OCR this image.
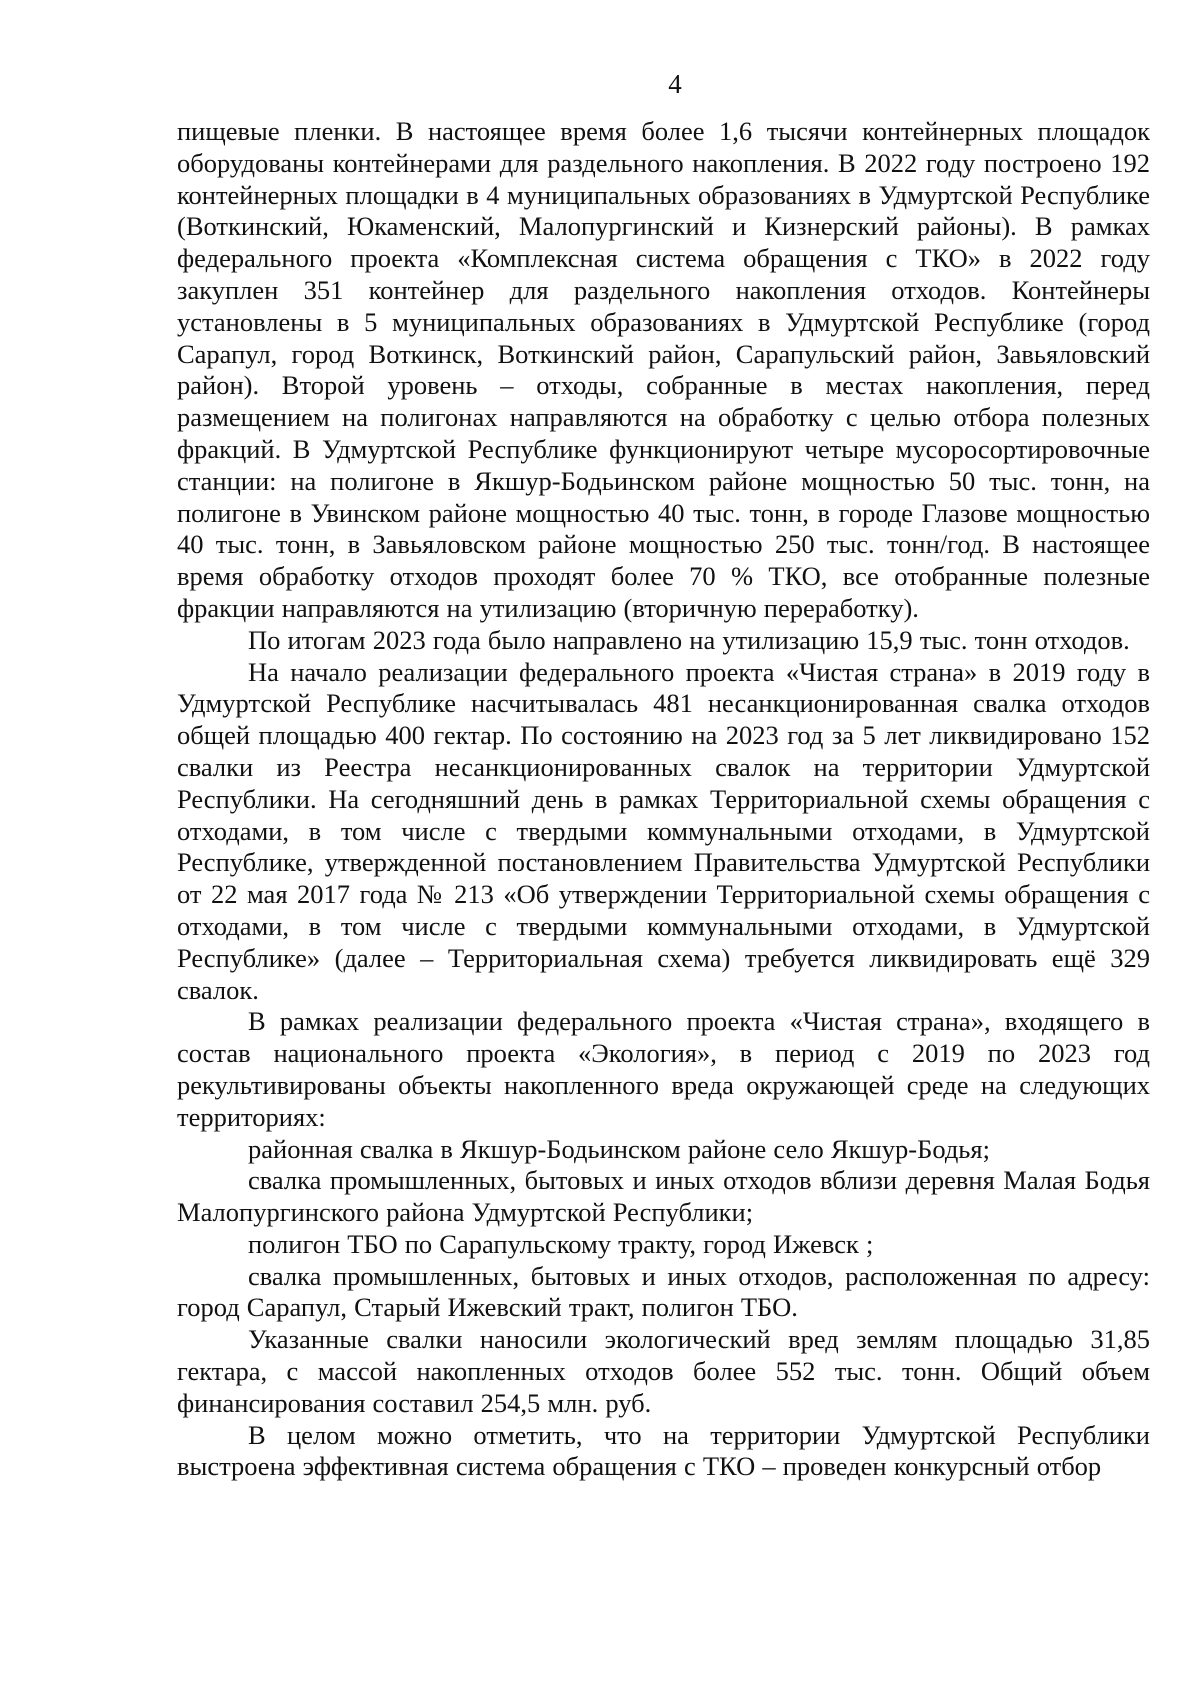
4

пищевые пленки. В настоящее время более 1,6 тысячи контейнерных площадок оборудованы контейнерами для раздельного накопления. В 2022 году построено 192 контейнерных площадки в 4 муниципальных образованиях в Удмуртской Республике (Воткинский, Юкаменский, Малопургинский и Кизнерский районы). В рамках федерального проекта «Комплексная система обращения с ТКО» в 2022 году закуплен 351 контейнер для раздельного накопления отходов. Контейнеры установлены в 5 муниципальных образованиях в Удмуртской Республике (город Сарапул, город Воткинск, Воткинский район, Сарапульский район, Завьяловский район). Второй уровень – отходы, собранные в местах накопления, перед размещением на полигонах направляются на обработку с целью отбора полезных фракций. В Удмуртской Республике функционируют четыре мусоросортировочные станции: на полигоне в Якшур-Бодьинском районе мощностью 50 тыс. тонн, на полигоне в Увинском районе мощностью 40 тыс. тонн, в городе Глазове мощностью 40 тыс. тонн, в Завьяловском районе мощностью 250 тыс. тонн/год. В настоящее время обработку отходов проходят более 70 % ТКО, все отобранные полезные фракции направляются на утилизацию (вторичную переработку).

По итогам 2023 года было направлено на утилизацию 15,9 тыс. тонн отходов.

На начало реализации федерального проекта «Чистая страна» в 2019 году в Удмуртской Республике насчитывалась 481 несанкционированная свалка отходов общей площадью 400 гектар. По состоянию на 2023 год за 5 лет ликвидировано 152 свалки из Реестра несанкционированных свалок на территории Удмуртской Республики. На сегодняшний день в рамках Территориальной схемы обращения с отходами, в том числе с твердыми коммунальными отходами, в Удмуртской Республике, утвержденной постановлением Правительства Удмуртской Республики от 22 мая 2017 года № 213 «Об утверждении Территориальной схемы обращения с отходами, в том числе с твердыми коммунальными отходами, в Удмуртской Республике» (далее – Территориальная схема) требуется ликвидировать ещё 329 свалок.

В рамках реализации федерального проекта «Чистая страна», входящего в состав национального проекта «Экология», в период с 2019 по 2023 год рекультивированы объекты накопленного вреда окружающей среде на следующих территориях:

районная свалка в Якшур-Бодьинском районе село Якшур-Бодья;

свалка промышленных, бытовых и иных отходов вблизи деревня Малая Бодья Малопургинского района Удмуртской Республики;

полигон ТБО по Сарапульскому тракту, город Ижевск ;

свалка промышленных, бытовых и иных отходов, расположенная по адресу: город Сарапул, Старый Ижевский тракт, полигон ТБО.

Указанные свалки наносили экологический вред землям площадью 31,85 гектара, с массой накопленных отходов более 552 тыс. тонн. Общий объем финансирования составил 254,5 млн. руб.

В целом можно отметить, что на территории Удмуртской Республики выстроена эффективная система обращения с ТКО – проведен конкурсный отбор
